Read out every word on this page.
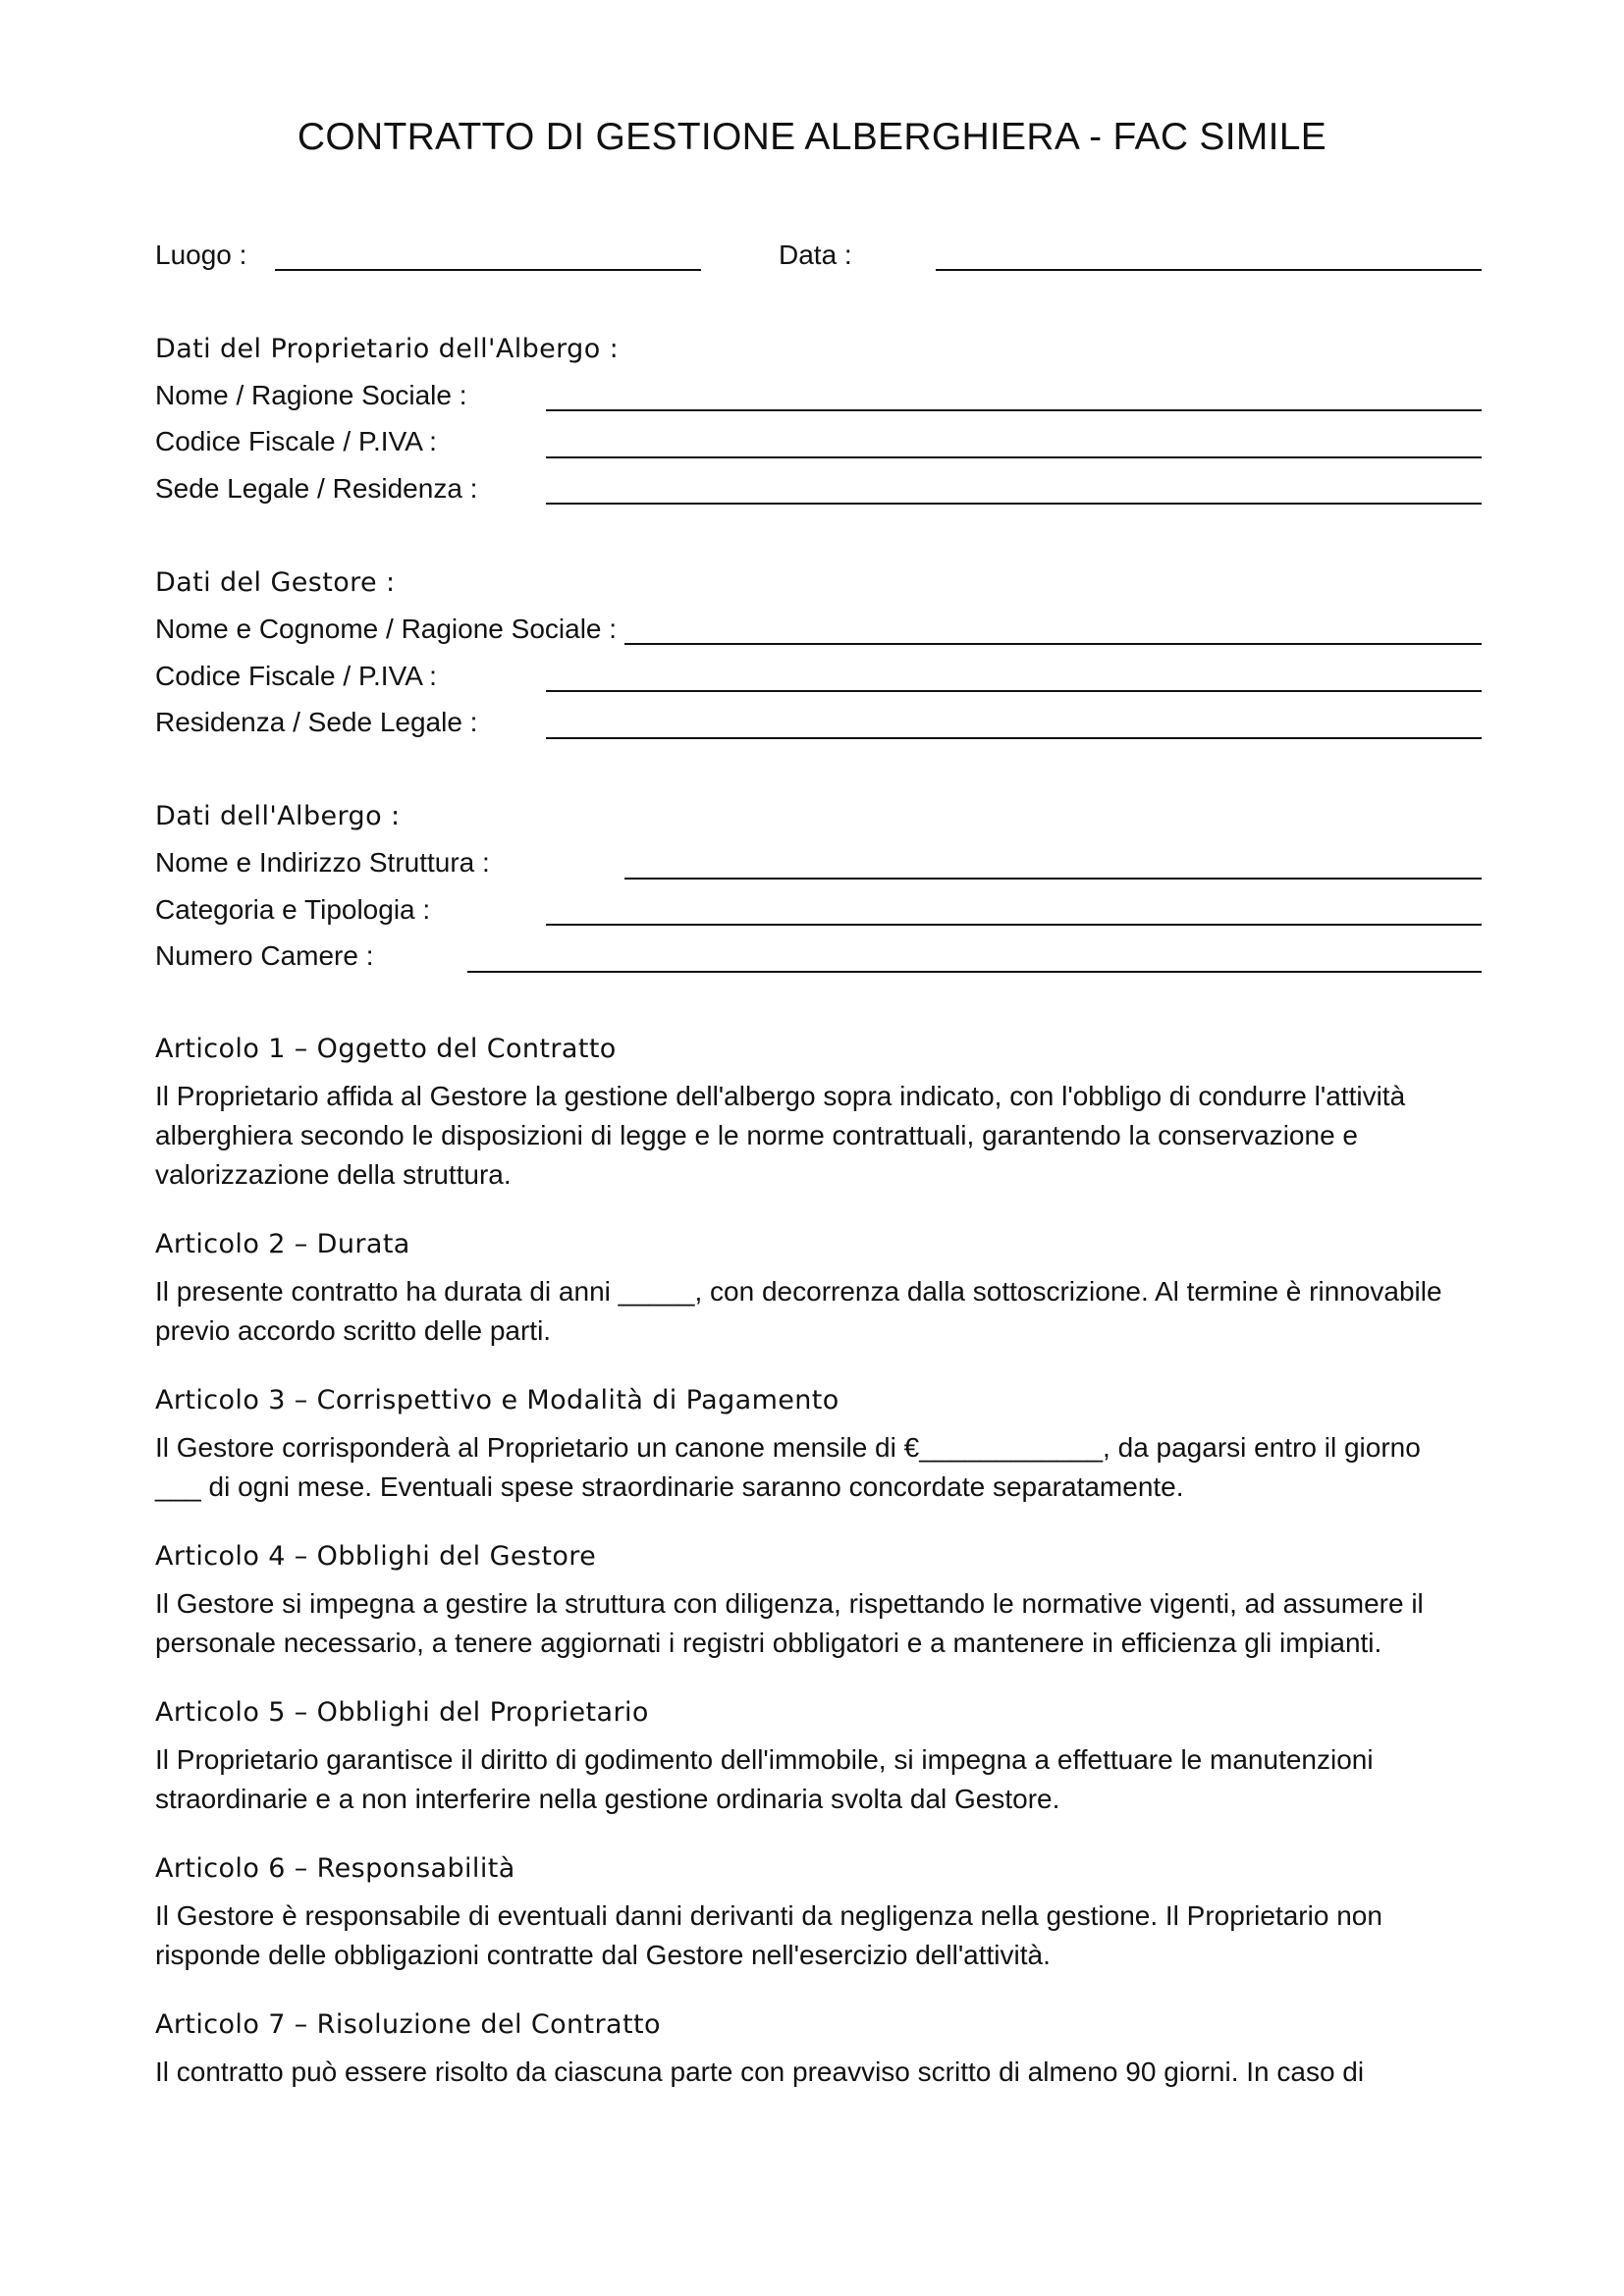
CONTRATTO DI GESTIONE ALBERGHIERA - FAC SIMILE
Luogo :	Data :
Dati del Proprietario dell'Albergo :
Nome / Ragione Sociale :
Codice Fiscale / P.IVA :
Sede Legale / Residenza :
Dati del Gestore :
Nome e Cognome / Ragione Sociale :
Codice Fiscale / P.IVA :
Residenza / Sede Legale :
Dati dell'Albergo :
Nome e Indirizzo Struttura :
Categoria e Tipologia :
Numero Camere :
Articolo 1 – Oggetto del Contratto

Il Proprietario affida al Gestore la gestione dell'albergo sopra indicato, con l'obbligo di condurre l'attività
alberghiera secondo le disposizioni di legge e le norme contrattuali, garantendo la conservazione e
valorizzazione della struttura.

Articolo 2 – Durata

Il presente contratto ha durata di anni _____, con decorrenza dalla sottoscrizione. Al termine è rinnovabile
previo accordo scritto delle parti.

Articolo 3 – Corrispettivo e Modalità di Pagamento

Il Gestore corrisponderà al Proprietario un canone mensile di €____________, da pagarsi entro il giorno
___ di ogni mese. Eventuali spese straordinarie saranno concordate separatamente.

Articolo 4 – Obblighi del Gestore

Il Gestore si impegna a gestire la struttura con diligenza, rispettando le normative vigenti, ad assumere il
personale necessario, a tenere aggiornati i registri obbligatori e a mantenere in efficienza gli impianti.

Articolo 5 – Obblighi del Proprietario

Il Proprietario garantisce il diritto di godimento dell'immobile, si impegna a effettuare le manutenzioni
straordinarie e a non interferire nella gestione ordinaria svolta dal Gestore.

Articolo 6 – Responsabilità

Il Gestore è responsabile di eventuali danni derivanti da negligenza nella gestione. Il Proprietario non
risponde delle obbligazioni contratte dal Gestore nell'esercizio dell'attività.

Articolo 7 – Risoluzione del Contratto

Il contratto può essere risolto da ciascuna parte con preavviso scritto di almeno 90 giorni. In caso di
